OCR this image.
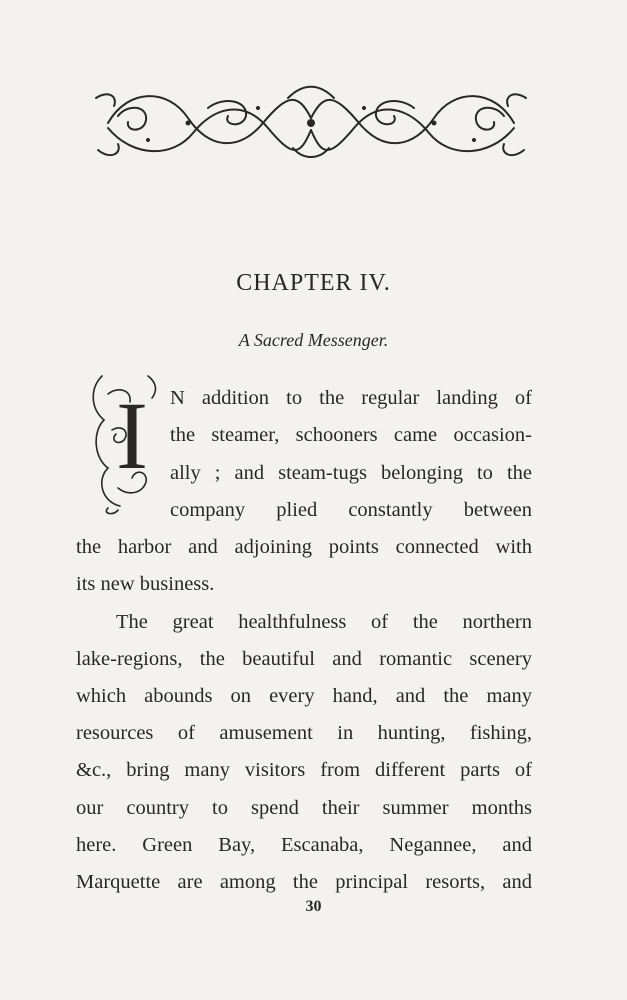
CHAPTER IV.
A Sacred Messenger.
I N addition to the regular landing of
the steamer, schooners came occasion-
ally ; and steam-tugs belonging to the
company plied constantly between
the harbor and adjoining points connected with
its new business.
The great healthfulness of the northern
lake-regions, the beautiful and romantic scenery
which abounds on every hand, and the many
resources of amusement in hunting, fishing,
&c., bring many visitors from different parts of
our country to spend their summer months
here. Green Bay, Escanaba, Negannee, and
Marquette are among the principal resorts, and
30
